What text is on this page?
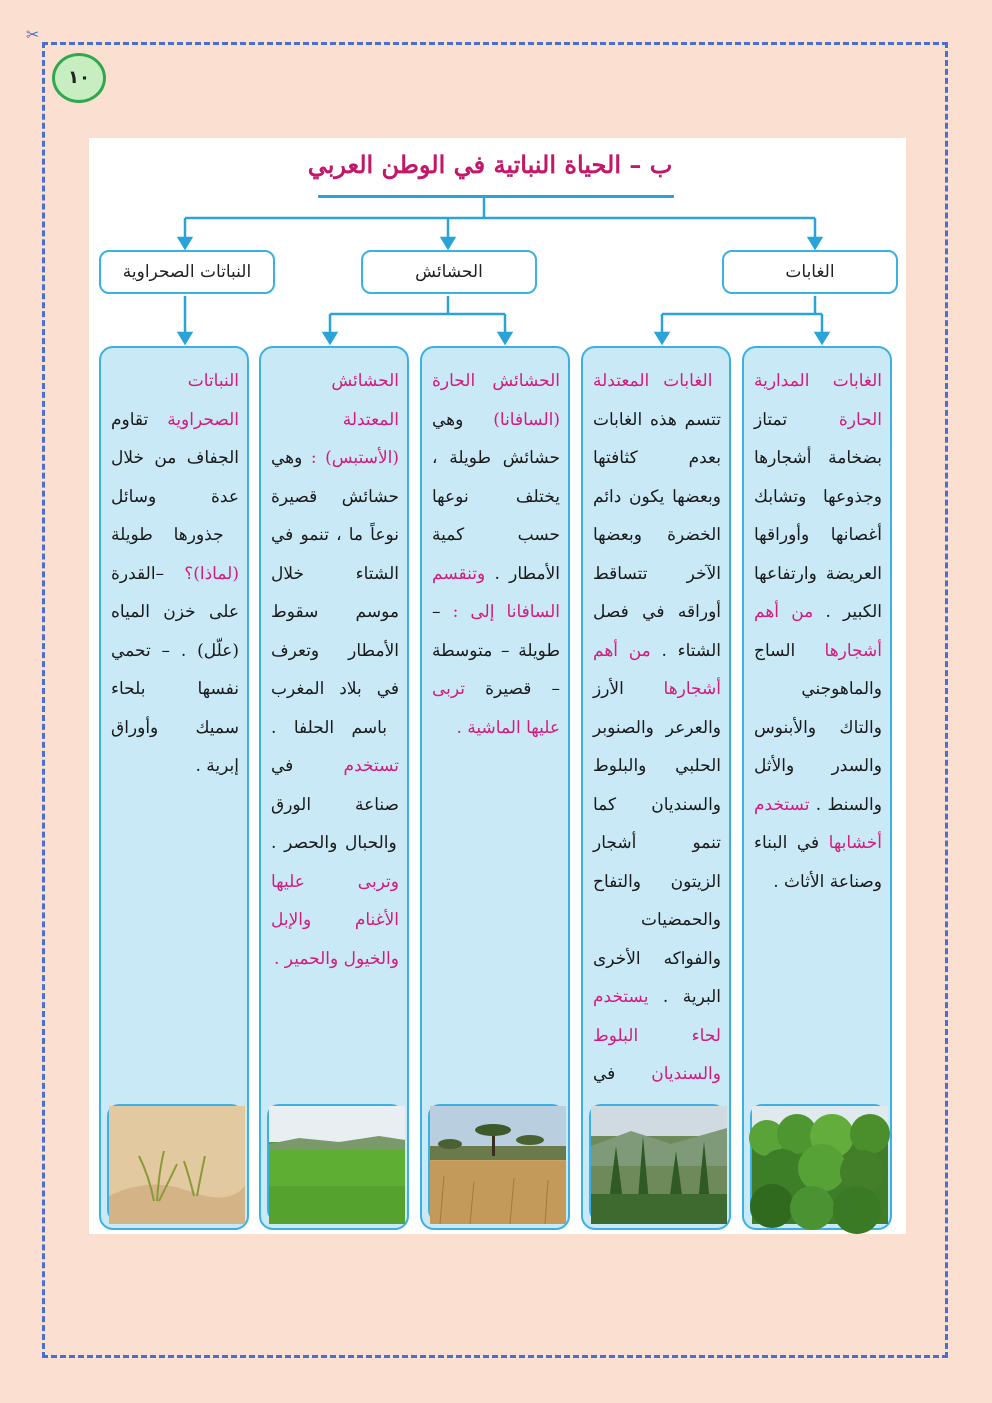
✂
١٠
ب – الحياة النباتية في الوطن العربي
الغابات
الحشائش
النباتات الصحراوية
الغابات المدارية الحارة تمتاز بضخامة أشجارها وجذوعها وتشابك أغصانها وأوراقها العريضة وارتفاعها الكبير . من أهم أشجارها الساج والماهوجني والتاك والأبنوس والسدر والأثل والسنط . تستخدم أخشابها في البناء وصناعة الأثاث .
الغابات المعتدلة تتسم هذه الغابات بعدم كثافتها وبعضها يكون دائم الخضرة وبعضها الآخر تتساقط أوراقه في فصل الشتاء . من أهم أشجارها الأرز والعرعر والصنوبر الحلبي والبلوط والسنديان كما تنمو أشجار الزيتون والتفاح والحمضيات والفواكه الأخرى البرية . يستخدم لحاء البلوط والسنديان في
الحشائش الحارة (السافانا) وهي حشائش طويلة ، يختلف نوعها حسب كمية الأمطار . وتنقسم السافانا إلى : – طويلة – متوسطة – قصيرة تربى عليها الماشية .
الحشائش المعتدلة (الأستبس) : وهي حشائش قصيرة نوعاً ما ، تنمو في الشتاء خلال موسم سقوط الأمطار وتعرف في بلاد المغرب باسم الحلفا . تستخدم في صناعة الورق والحبال والحصر . وتربى عليها الأغنام والإبل والخيول والحمير .
النباتات الصحراوية تقاوم الجفاف من خلال عدة وسائل جذورها طويلة (لماذا)؟ –القدرة على خزن المياه (علّل) . – تحمي نفسها بلحاء سميك وأوراق إبرية .
